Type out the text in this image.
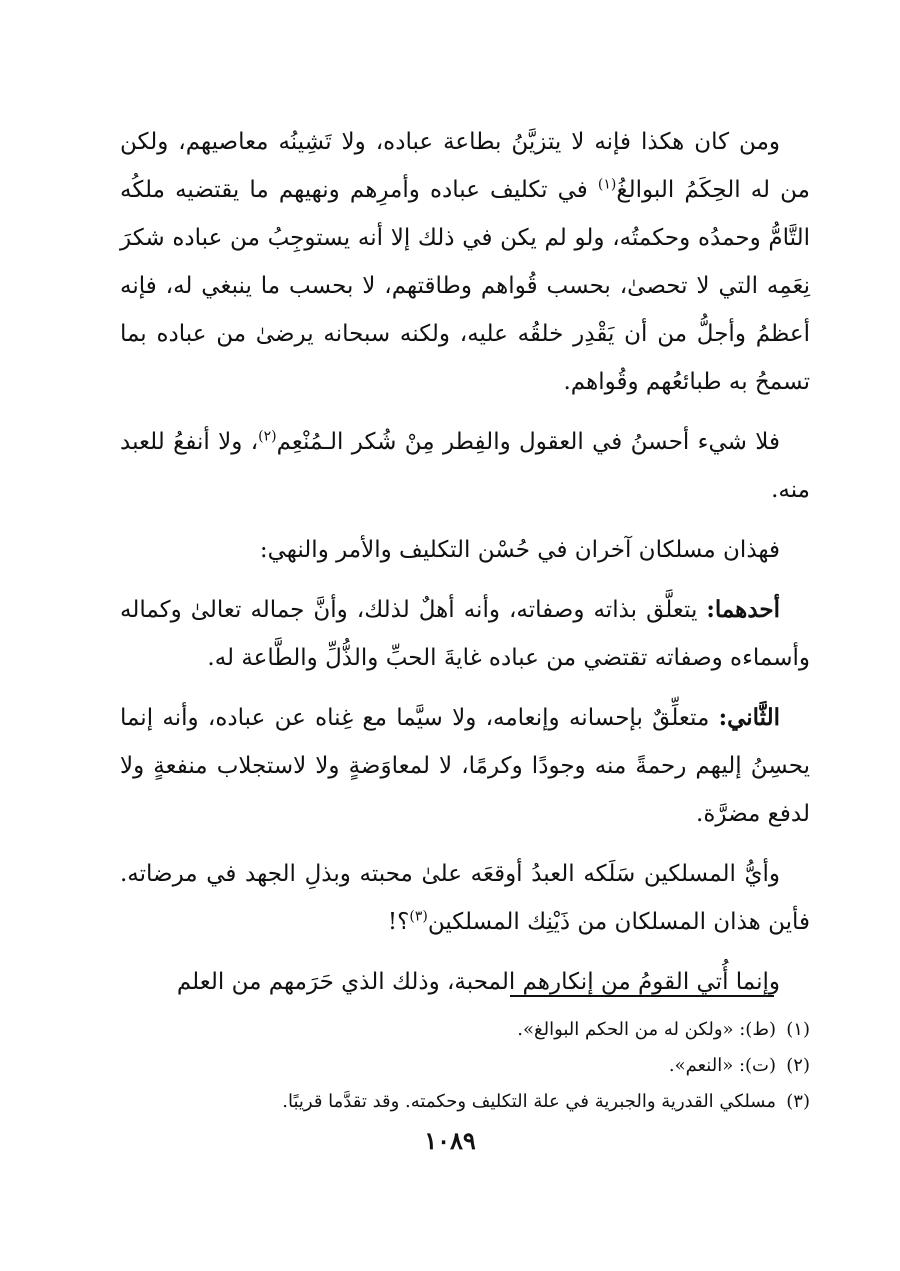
ومن كان هكذا فإنه لا يتزيَّنُ بطاعة عباده، ولا تَشِينُه معاصيهم، ولكن من له الحِكَمُ البوالغُ$^{(١)}$ في تكليف عباده وأمرِهم ونهيهم ما يقتضيه ملكُه التَّامُّ وحمدُه وحكمتُه، ولو لم يكن في ذلك إلا أنه يستوجِبُ من عباده شكرَ نِعَمِه التي لا تحصىٰ، بحسب قُواهم وطاقتهم، لا بحسب ما ينبغي له، فإنه أعظمُ وأجلُّ من أن يَقْدِر خلقُه عليه، ولكنه سبحانه يرضىٰ من عباده بما تسمحُ به طبائعُهم وقُواهم.

فلا شيء أحسنُ في العقول والفِطر مِنْ شُكر الـمُنْعِم$^{(٢)}$، ولا أنفعُ للعبد منه.

فهذان مسلكان آخران في حُسْن التكليف والأمر والنهي:

أحدهما: يتعلَّق بذاته وصفاته، وأنه أهلٌ لذلك، وأنَّ جماله تعالىٰ وكماله وأسماءه وصفاته تقتضي من عباده غايةَ الحبِّ والذُّلِّ والطَّاعة له.

الثَّاني: متعلِّقٌ بإحسانه وإنعامه، ولا سيَّما مع غِناه عن عباده، وأنه إنما يحسِنُ إليهم رحمةً منه وجودًا وكرمًا، لا لمعاوَضةٍ ولا لاستجلاب منفعةٍ ولا لدفع مضرَّة.

وأيُّ المسلكين سَلَكه العبدُ أوقعَه علىٰ محبته وبذلِ الجهد في مرضاته. فأين هذان المسلكان من ذَيْنِك المسلكين$^{(٣)}$؟!

وإنما أُتي القومُ من إنكارهم المحبة، وذلك الذي حَرَمهم من العلم

(١)(ط): «ولكن له من الحكم البوالغ».
(٢)(ت): «النعم».
(٣)مسلكي القدرية والجبرية في علة التكليف وحكمته. وقد تقدَّما قريبًا.
١٠٨٩
